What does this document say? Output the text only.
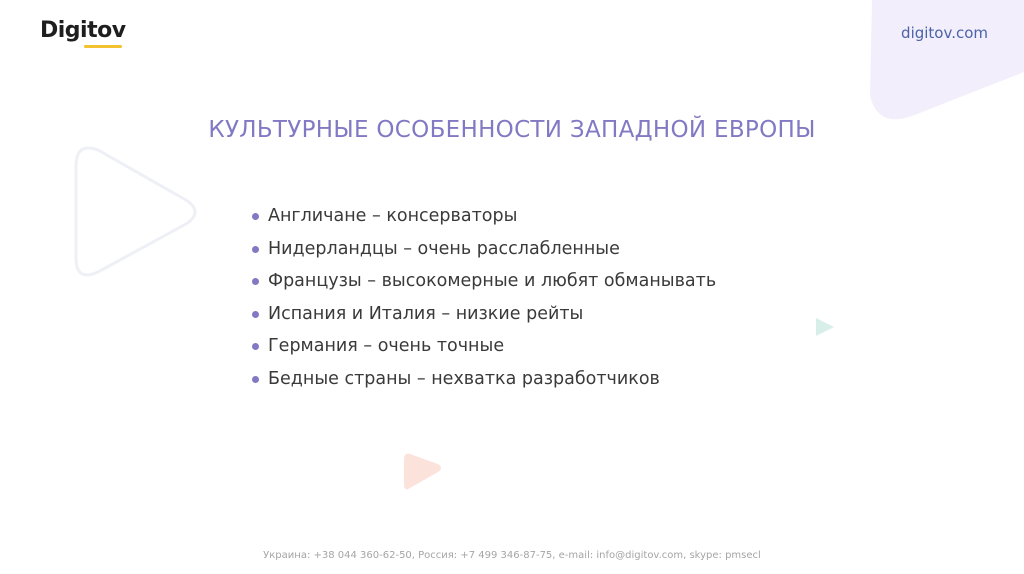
Digitov	digitov.com
КУЛЬТУРНЫЕ ОСОБЕННОСТИ ЗАПАДНОЙ ЕВРОПЫ
Англичане – консерваторы
Нидерландцы – очень расслабленные
Французы – высокомерные и любят обманывать
Испания и Италия – низкие рейты
Германия – очень точные
Бедные страны – нехватка разработчиков
Украина: +38 044 360-62-50, Россия: +7 499 346-87-75, e-mail: info@digitov.com, skype: pmsecl
